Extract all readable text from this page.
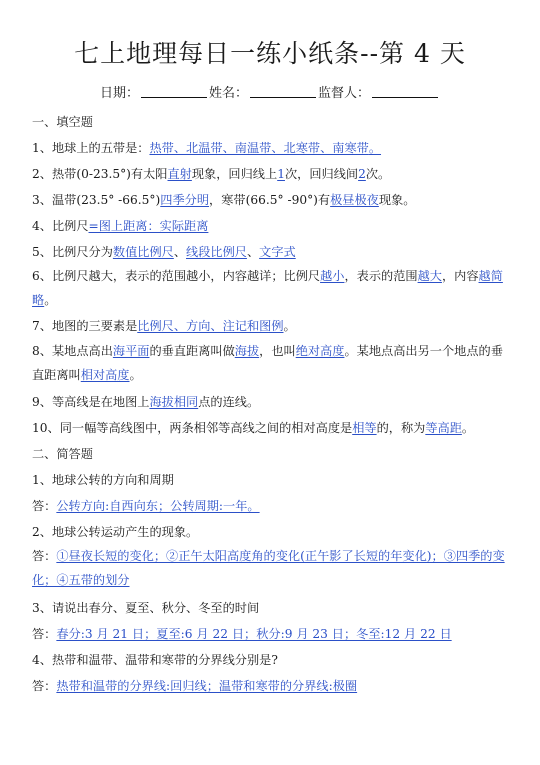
七上地理每日一练小纸条--第 4 天
日期：	姓名：	监督人：
一、填空题
1、地球上的五带是：热带、北温带、南温带、北寒带、南寒带。
2、热带(0-23.5°)有太阳直射现象，回归线上1次，回归线间2次。
3、温带(23.5° -66.5°)四季分明，寒带(66.5° -90°)有极昼极夜现象。
4、比例尺=图上距离：实际距离
5、比例尺分为数值比例尺、线段比例尺、文字式
6、比例尺越大，表示的范围越小，内容越详；比例尺越小，表示的范围越大，内容越简略。
7、地图的三要素是比例尺、方向、注记和图例。
8、某地点高出海平面的垂直距离叫做海拔，也叫绝对高度。某地点高出另一个地点的垂直距离叫相对高度。
9、等高线是在地图上海拔相同点的连线。
10、同一幅等高线图中，两条相邻等高线之间的相对高度是相等的，称为等高距。
二、简答题
1、地球公转的方向和周期
答：公转方向:自西向东；公转周期:一年。
2、地球公转运动产生的现象。
答：①昼夜长短的变化；②正午太阳高度角的变化(正午影了长短的年变化)；③四季的变化；④五带的划分
3、请说出春分、夏至、秋分、冬至的时间
答：春分:3 月 21 日；夏至:6 月 22 日；秋分:9 月 23 日；冬至:12 月 22 日
4、热带和温带、温带和寒带的分界线分别是?
答：热带和温带的分界线:回归线；温带和寒带的分界线:极圈
